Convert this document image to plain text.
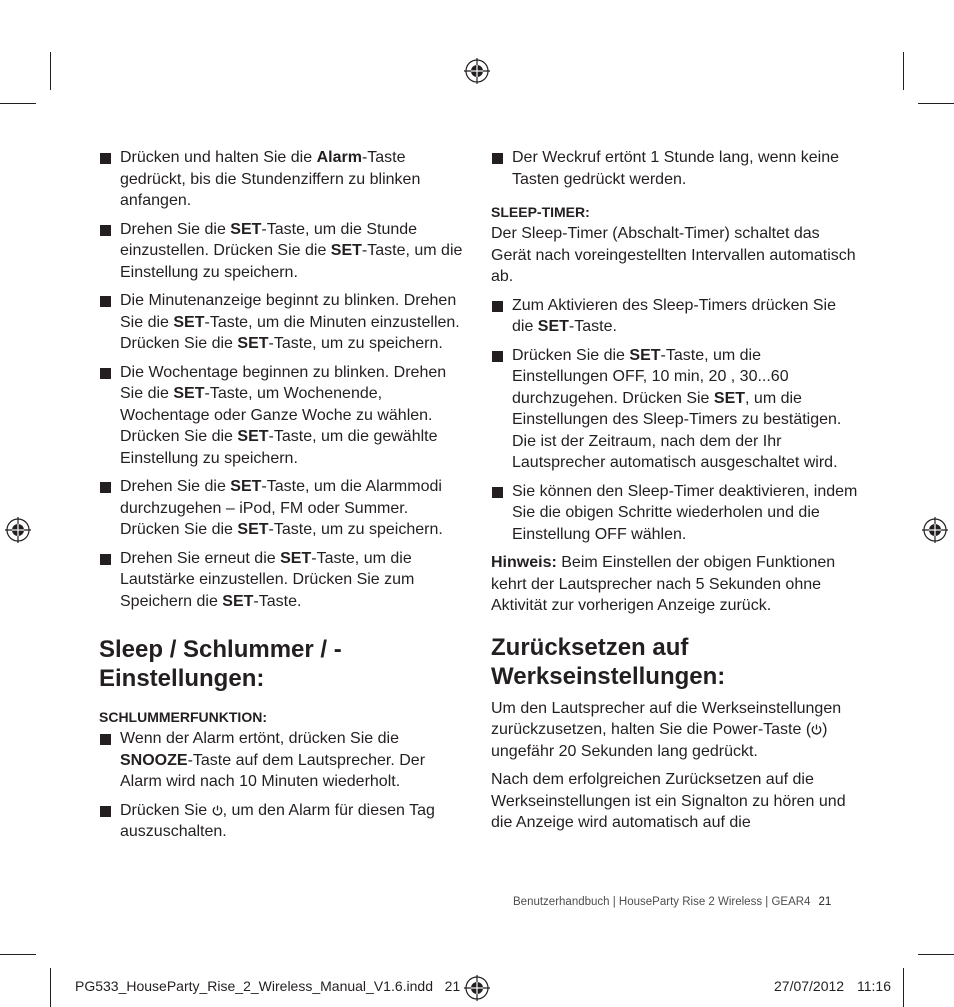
Drücken und halten Sie die Alarm-Taste gedrückt, bis die Stundenziffern zu blinken anfangen.
Drehen Sie die SET-Taste, um die Stunde einzustellen. Drücken Sie die SET-Taste, um die Einstellung zu speichern.
Die Minutenanzeige beginnt zu blinken. Drehen Sie die SET-Taste, um die Minuten einzustellen. Drücken Sie die SET-Taste, um zu speichern.
Die Wochentage beginnen zu blinken. Drehen Sie die SET-Taste, um Wochenende, Wochentage oder Ganze Woche zu wählen. Drücken Sie die SET-Taste, um die gewählte Einstellung zu speichern.
Drehen Sie die SET-Taste, um die Alarmmodi durchzugehen – iPod, FM oder Summer. Drücken Sie die SET-Taste, um zu speichern.
Drehen Sie erneut die SET-Taste, um die Lautstärke einzustellen. Drücken Sie zum Speichern die SET-Taste.
Sleep / Schlummer / -Einstellungen:
SCHLUMMERFUNKTION:
Wenn der Alarm ertönt, drücken Sie die SNOOZE-Taste auf dem Lautsprecher. Der Alarm wird nach 10 Minuten wiederholt.
Drücken Sie , um den Alarm für diesen Tag auszuschalten.
Der Weckruf ertönt 1 Stunde lang, wenn keine Tasten gedrückt werden.
SLEEP-TIMER:
Der Sleep-Timer (Abschalt-Timer) schaltet das Gerät nach voreingestellten Intervallen automatisch ab.
Zum Aktivieren des Sleep-Timers drücken Sie die SET-Taste.
Drücken Sie die SET-Taste, um die Einstellungen OFF, 10 min, 20 , 30...60 durchzugehen. Drücken Sie SET, um die Einstellungen des Sleep-Timers zu bestätigen. Die ist der Zeitraum, nach dem der Ihr Lautsprecher automatisch ausgeschaltet wird.
Sie können den Sleep-Timer deaktivieren, indem Sie die obigen Schritte wiederholen und die Einstellung OFF wählen.
Hinweis: Beim Einstellen der obigen Funktionen kehrt der Lautsprecher nach 5 Sekunden ohne Aktivität zur vorherigen Anzeige zurück.
Zurücksetzen auf Werkseinstellungen:
Um den Lautsprecher auf die Werkseinstellungen zurückzusetzen, halten Sie die Power-Taste ( ) ungefähr 20 Sekunden lang gedrückt.
Nach dem erfolgreichen Zurücksetzen auf die Werkseinstellungen ist ein Signalton zu hören und die Anzeige wird automatisch auf die
Benutzerhandbuch | HouseParty Rise 2 Wireless | GEAR4 21
PG533_HouseParty_Rise_2_Wireless_Manual_V1.6.indd   21	27/07/2012 11:16
